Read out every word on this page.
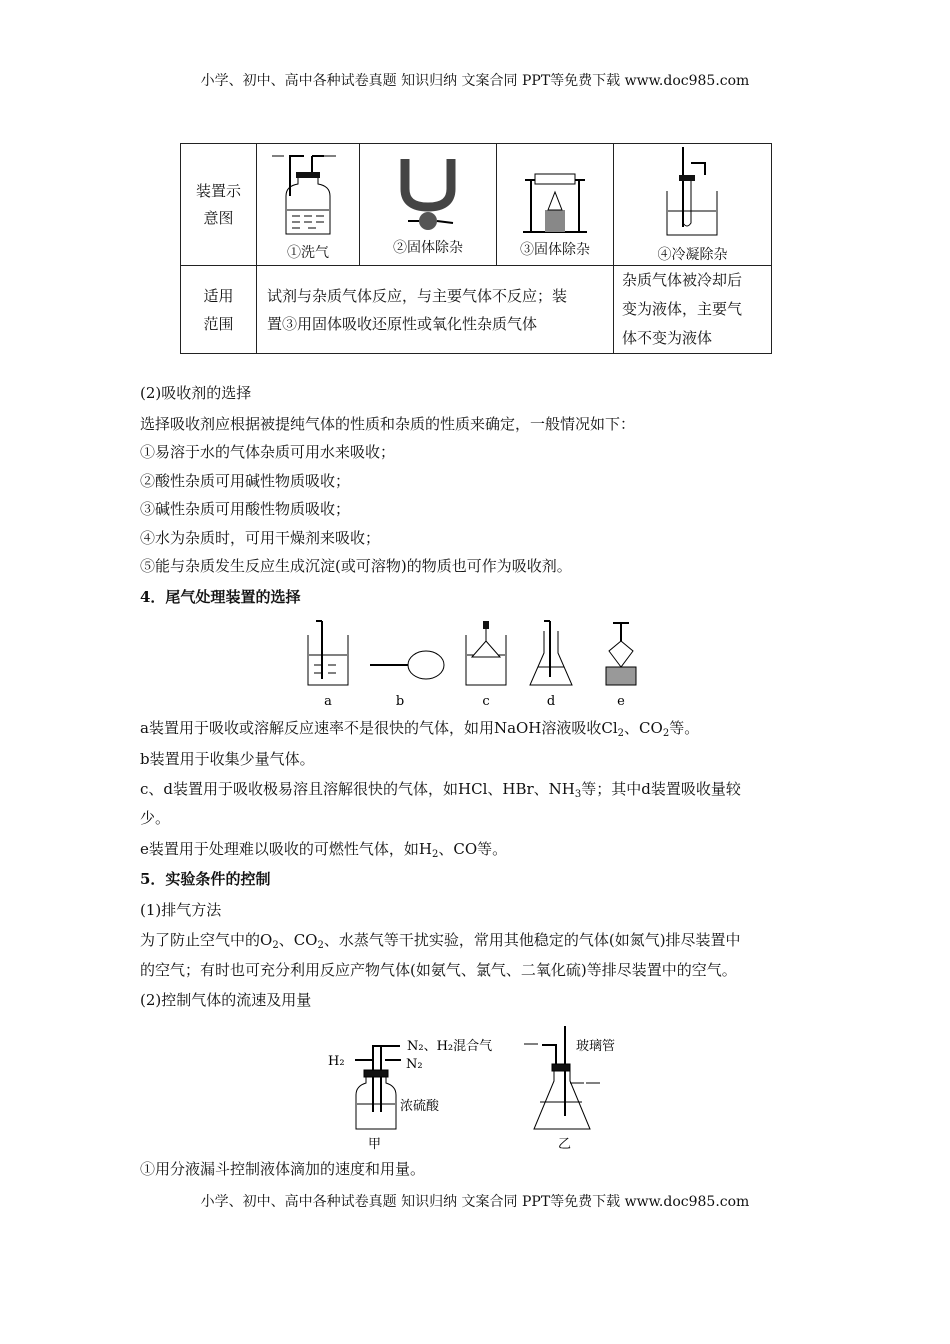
小学、初中、高中各种试卷真题 知识归纳 文案合同 PPT等免费下载 www.doc985.com
装置示
意图	①洗气	②固体除杂	③固体除杂	④冷凝除杂

适用
范围	试剂与杂质气体反应，与主要气体不反应；装
置③用固体吸收还原性或氧化性杂质气体			杂质气体被冷却后
变为液体，主要气
体不变为液体
(2)吸收剂的选择
选择吸收剂应根据被提纯气体的性质和杂质的性质来确定，一般情况如下：
①易溶于水的气体杂质可用水来吸收；
②酸性杂质可用碱性物质吸收；
③碱性杂质可用酸性物质吸收；
④水为杂质时，可用干燥剂来吸收；
⑤能与杂质发生反应生成沉淀(或可溶物)的物质也可作为吸收剂。
4．尾气处理装置的选择
a	b	c	d	e
a装置用于吸收或溶解反应速率不是很快的气体，如用NaOH溶液吸收$Cl_2$、$CO_2$等。
b装置用于收集少量气体。
c、d装置用于吸收极易溶且溶解很快的气体，如HCl、HBr、$NH_3$等；其中d装置吸收量较
少。
e装置用于处理难以吸收的可燃性气体，如$H_2$、CO等。
5．实验条件的控制
(1)排气方法
为了防止空气中的$O_2$、$CO_2$、水蒸气等干扰实验，常用其他稳定的气体(如氮气)排尽装置中
的空气；有时也可充分利用反应产物气体(如氨气、氯气、二氧化硫)等排尽装置中的空气。
(2)控制气体的流速及用量
N₂、H₂混合气
H₂	N₂
浓硫酸
甲
玻璃管
乙
①用分液漏斗控制液体滴加的速度和用量。
小学、初中、高中各种试卷真题 知识归纳 文案合同 PPT等免费下载 www.doc985.com
